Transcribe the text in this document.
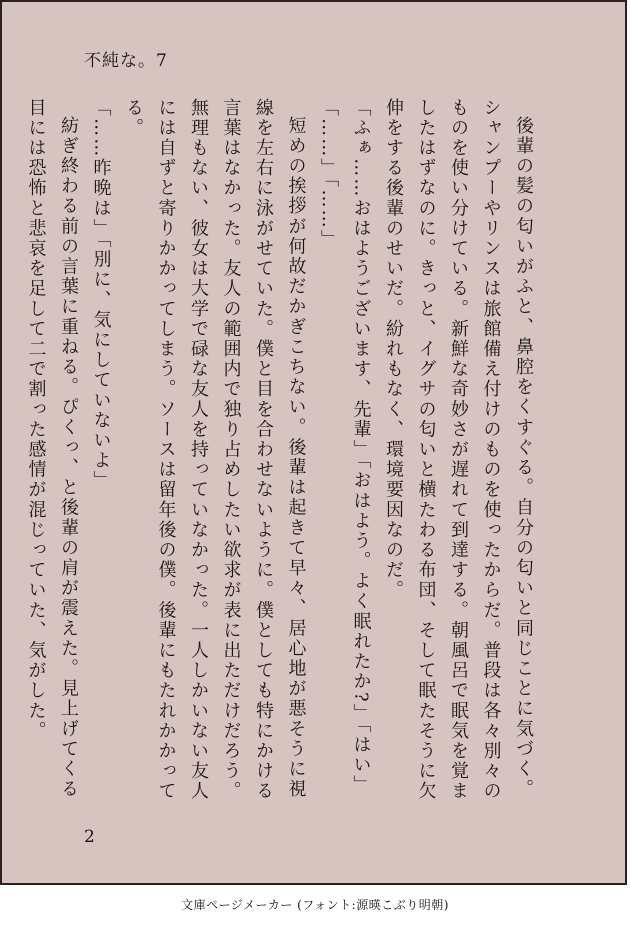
不純な。7

後輩の髪の匂いがふと、鼻腔をくすぐる。自分の匂いと同じことに気づく。シャンプーやリンスは旅館備え付けのものを使ったからだ。普段は各々別々のものを使い分けている。新鮮な奇妙さが遅れて到達する。朝風呂で眠気を覚ましたはずなのに。きっと、イグサの匂いと横たわる布団、そして眠たそうに欠伸をする後輩のせいだ。紛れもなく、環境要因なのだ。

「ふぁ……おはようございます、先輩」「おはよう。よく眠れたか?」「はい」

「……」「……」

短めの挨拶が何故だかぎこちない。後輩は起きて早々、居心地が悪そうに視線を左右に泳がせていた。僕と目を合わせないように。僕としても特にかける言葉はなかった。友人の範囲内で独り占めしたい欲求が表に出ただけだろう。無理もない、彼女は大学で碌な友人を持っていなかった。一人しかいない友人には自ずと寄りかかってしまう。ソースは留年後の僕。後輩にもたれかかってる。

「……昨晩は」「別に、気にしていないよ」

紡ぎ終わる前の言葉に重ねる。ぴくっ、と後輩の肩が震えた。見上げてくる目には恐怖と悲哀を足して二で割った感情が混じっていた、気がした。

2
文庫ページメーカー (フォント:源暎こぶり明朝)
